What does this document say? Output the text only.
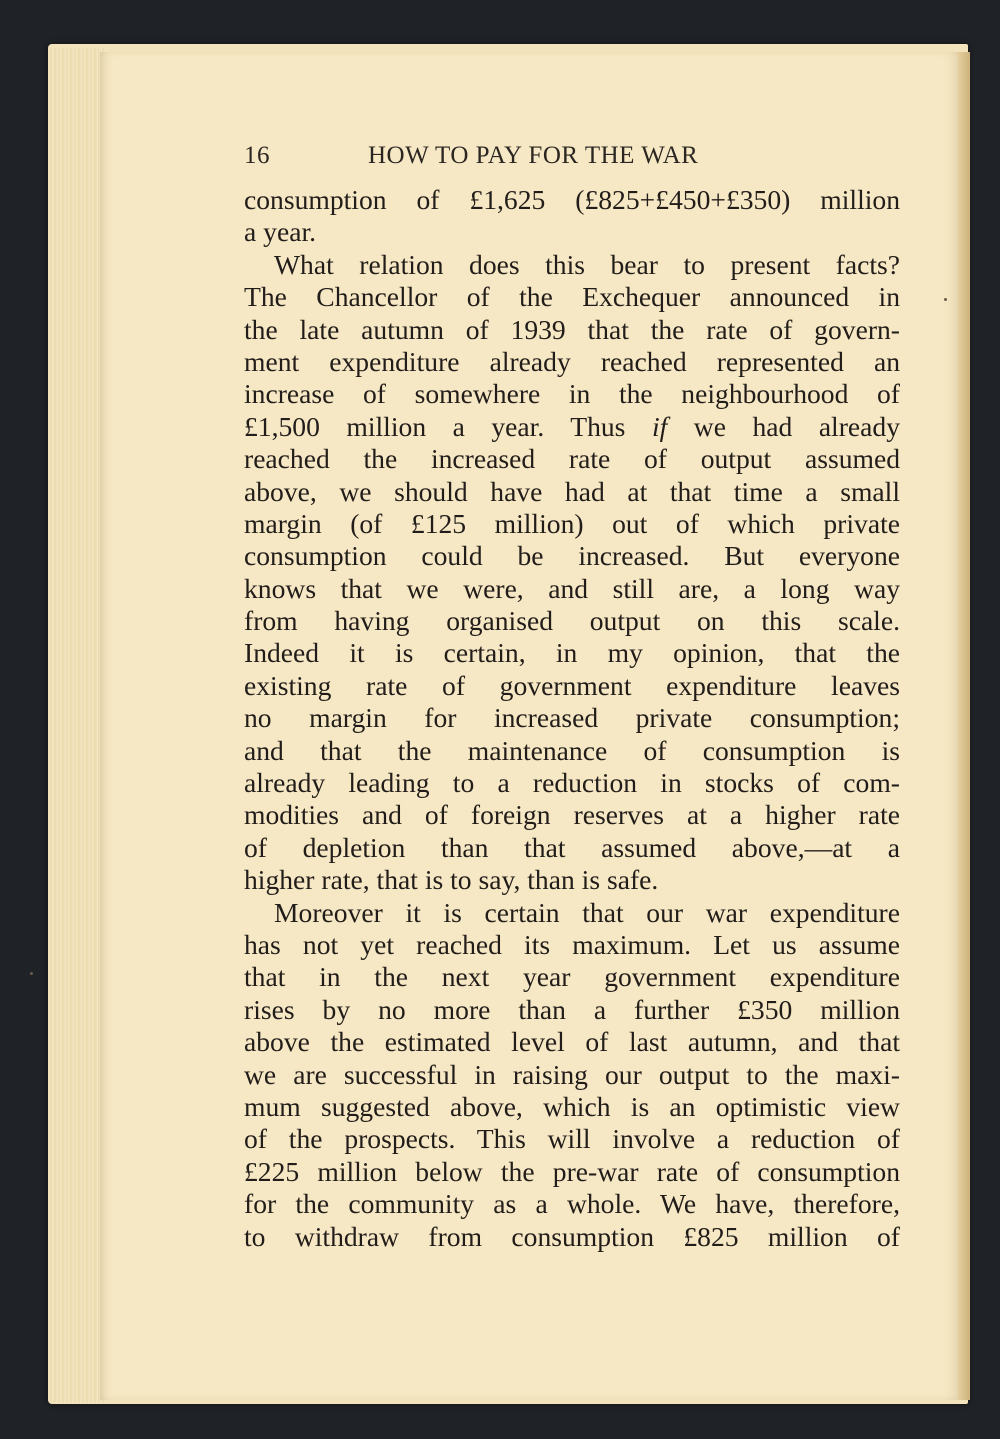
16	HOW TO PAY FOR THE WAR
consumption of £1,625 (£825+£450+£350) million
a year.
What relation does this bear to present facts?
The Chancellor of the Exchequer announced in
the late autumn of 1939 that the rate of govern-
ment expenditure already reached represented an
increase of somewhere in the neighbourhood of
£1,500 million a year. Thus if we had already
reached the increased rate of output assumed
above, we should have had at that time a small
margin (of £125 million) out of which private
consumption could be increased. But everyone
knows that we were, and still are, a long way
from having organised output on this scale.
Indeed it is certain, in my opinion, that the
existing rate of government expenditure leaves
no margin for increased private consumption;
and that the maintenance of consumption is
already leading to a reduction in stocks of com-
modities and of foreign reserves at a higher rate
of depletion than that assumed above,—at a
higher rate, that is to say, than is safe.
Moreover it is certain that our war expenditure
has not yet reached its maximum. Let us assume
that in the next year government expenditure
rises by no more than a further £350 million
above the estimated level of last autumn, and that
we are successful in raising our output to the maxi-
mum suggested above, which is an optimistic view
of the prospects. This will involve a reduction of
£225 million below the pre-war rate of consumption
for the community as a whole. We have, therefore,
to withdraw from consumption £825 million of
